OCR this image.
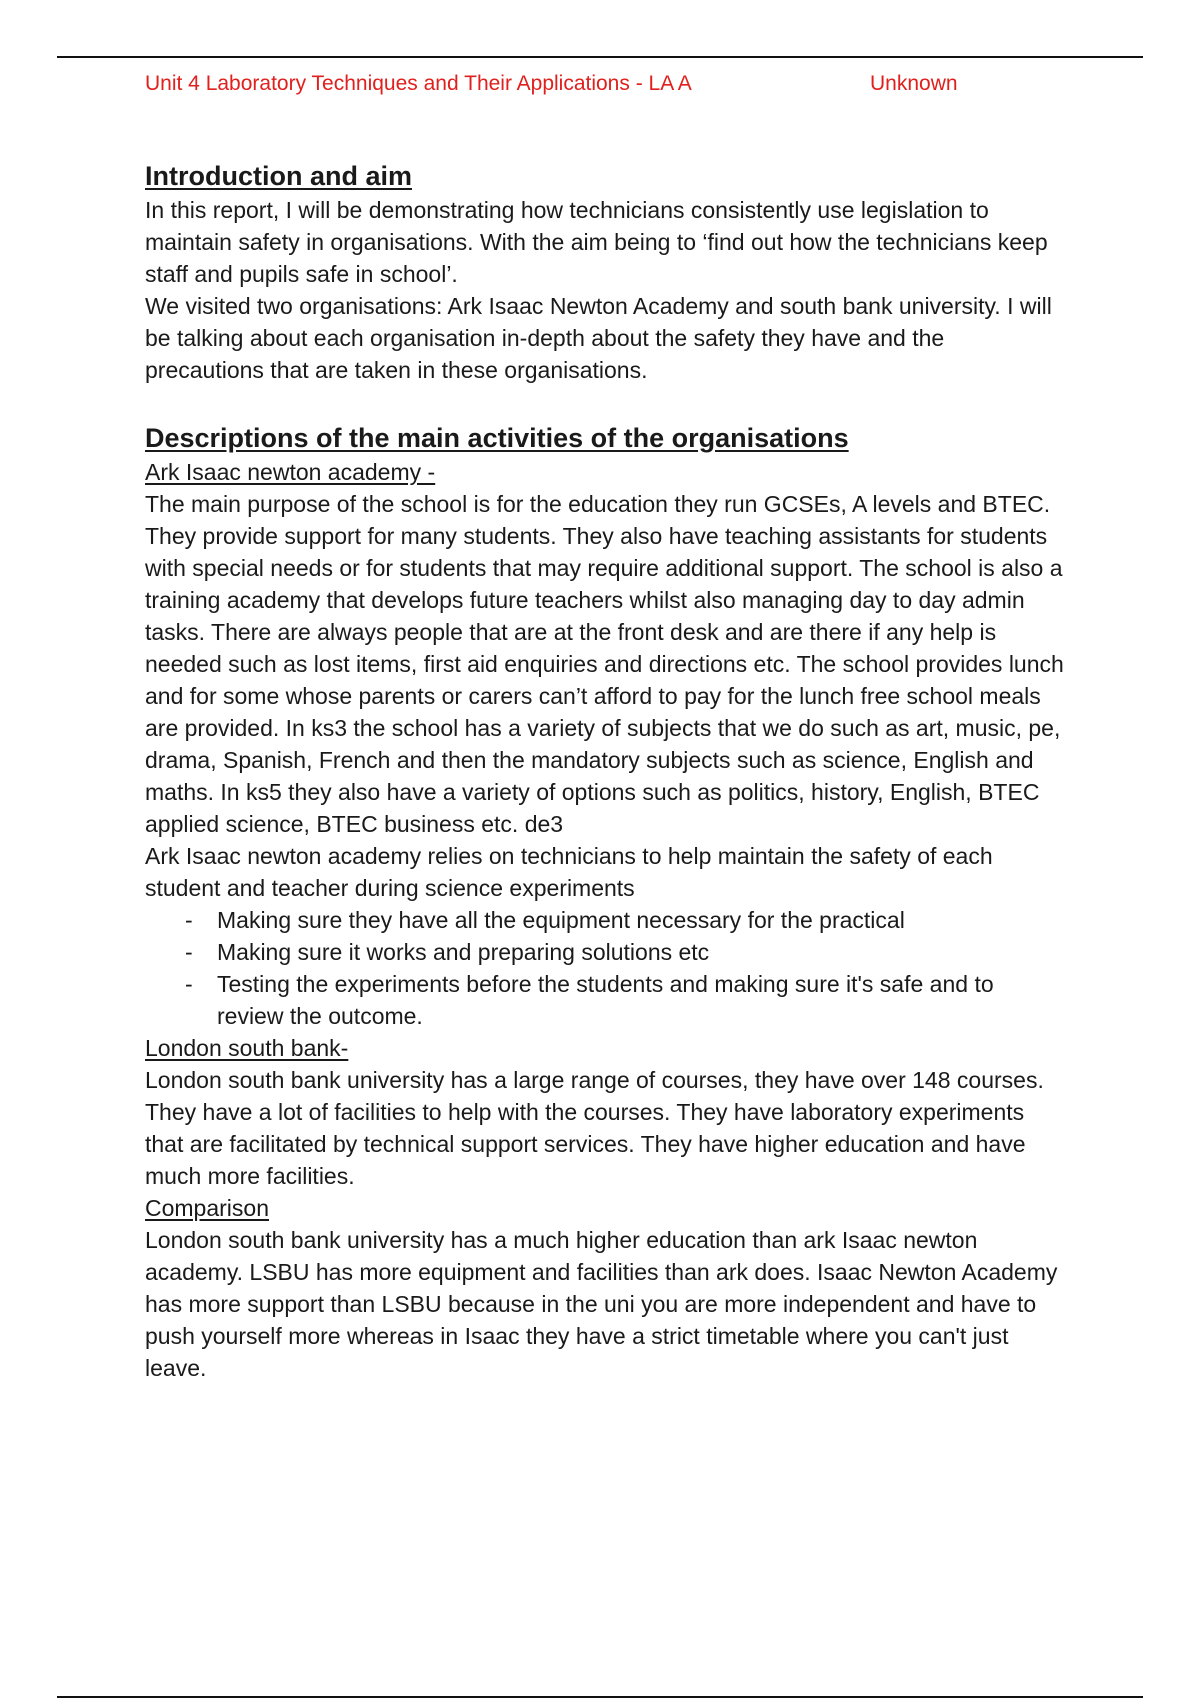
Unit 4 Laboratory Techniques and Their Applications - LA A	Unknown
Introduction and aim

In this report, I will be demonstrating how technicians consistently use legislation to maintain safety in organisations. With the aim being to ‘find out how the technicians keep staff and pupils safe in school’.

We visited two organisations: Ark Isaac Newton Academy and south bank university. I will be talking about each organisation in-depth about the safety they have and the precautions that are taken in these organisations.

Descriptions of the main activities of the organisations

Ark Isaac newton academy -

The main purpose of the school is for the education they run GCSEs, A levels and BTEC. They provide support for many students. They also have teaching assistants for students with special needs or for students that may require additional support. The school is also a training academy that develops future teachers whilst also managing day to day admin tasks. There are always people that are at the front desk and are there if any help is needed such as lost items, first aid enquiries and directions etc. The school provides lunch and for some whose parents or carers can’t afford to pay for the lunch free school meals are provided. In ks3 the school has a variety of subjects that we do such as art, music, pe, drama, Spanish, French and then the mandatory subjects such as science, English and maths. In ks5 they also have a variety of options such as politics, history, English, BTEC applied science, BTEC business etc. de3

Ark Isaac newton academy relies on technicians to help maintain the safety of each student and teacher during science experiments

- Making sure they have all the equipment necessary for the practical
- Making sure it works and preparing solutions etc
- Testing the experiments before the students and making sure it's safe and to review the outcome.

London south bank-

London south bank university has a large range of courses, they have over 148 courses. They have a lot of facilities to help with the courses. They have laboratory experiments that are facilitated by technical support services. They have higher education and have much more facilities.

Comparison

London south bank university has a much higher education than ark Isaac newton academy. LSBU has more equipment and facilities than ark does. Isaac Newton Academy has more support than LSBU because in the uni you are more independent and have to push yourself more whereas in Isaac they have a strict timetable where you can't just leave.
